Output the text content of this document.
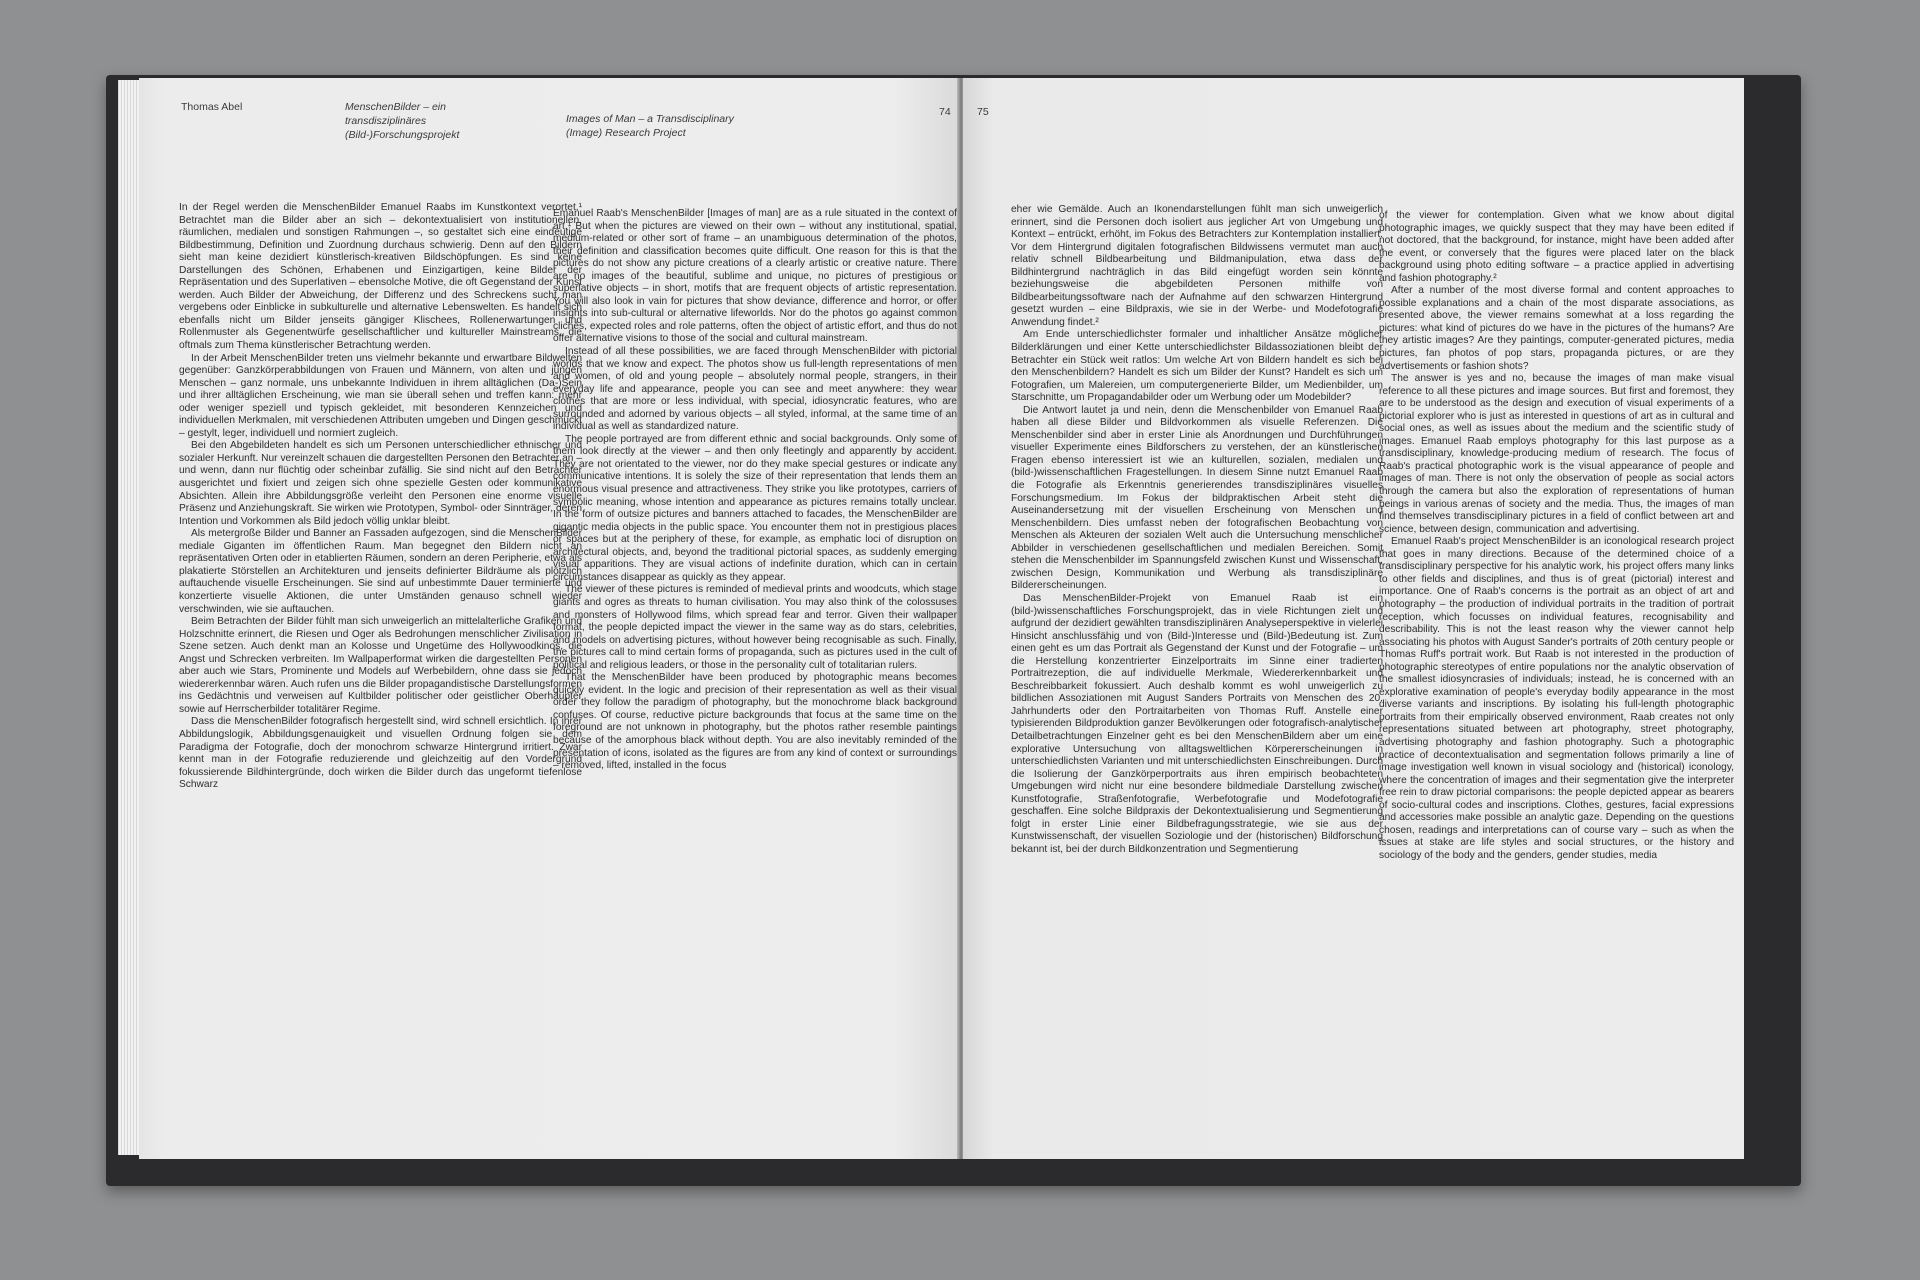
Thomas Abel	MenschenBilder – ein transdisziplinäres (Bild-)Forschungsprojekt
Images of Man – a Transdisciplinary (Image) Research Project
74

In der Regel werden die MenschenBilder Emanuel Raabs im Kunstkontext verortet.¹ Betrachtet man die Bilder aber an sich – dekontextualisiert von institutionellen, räumlichen, medialen und sonstigen Rahmungen –, so gestaltet sich eine eindeutige Bildbestimmung, Definition und Zuordnung durchaus schwierig. Denn auf den Bildern sieht man keine dezidiert künstlerisch-kreativen Bildschöpfungen. Es sind keine Darstellungen des Schönen, Erhabenen und Einzigartigen, keine Bilder der Repräsentation und des Superlativen – ebensolche Motive, die oft Gegenstand der Kunst werden. Auch Bilder der Abweichung, der Differenz und des Schreckens sucht man vergebens oder Einblicke in subkulturelle und alternative Lebenswelten. Es handelt sich ebenfalls nicht um Bilder jenseits gängiger Klischees, Rollenerwartungen und Rollenmuster als Gegenentwürfe gesellschaftlicher und kultureller Mainstreams, die oftmals zum Thema künstlerischer Betrachtung werden.

In der Arbeit MenschenBilder treten uns vielmehr bekannte und erwartbare Bildwelten gegenüber: Ganzkörperabbildungen von Frauen und Männern, von alten und jungen Menschen – ganz normale, uns unbekannte Individuen in ihrem alltäglichen (Da-)Sein und ihrer alltäglichen Erscheinung, wie man sie überall sehen und treffen kann: mehr oder weniger speziell und typisch gekleidet, mit besonderen Kennzeichen und individuellen Merkmalen, mit verschiedenen Attributen umgeben und Dingen geschmückt – gestylt, leger, individuell und normiert zugleich.

Bei den Abgebildeten handelt es sich um Personen unterschiedlicher ethnischer und sozialer Herkunft. Nur vereinzelt schauen die dargestellten Personen den Betrachter an – und wenn, dann nur flüchtig oder scheinbar zufällig. Sie sind nicht auf den Betrachter ausgerichtet und fixiert und zeigen sich ohne spezielle Gesten oder kommunikative Absichten. Allein ihre Abbildungsgröße verleiht den Personen eine enorme visuelle Präsenz und Anziehungskraft. Sie wirken wie Prototypen, Symbol- oder Sinnträger, deren Intention und Vorkommen als Bild jedoch völlig unklar bleibt.

Als metergroße Bilder und Banner an Fassaden aufgezogen, sind die MenschenBilder mediale Giganten im öffentlichen Raum. Man begegnet den Bildern nicht an repräsentativen Orten oder in etablierten Räumen, sondern an deren Peripherie, etwa als plakatierte Störstellen an Architekturen und jenseits definierter Bildräume als plötzlich auftauchende visuelle Erscheinungen. Sie sind auf unbestimmte Dauer terminierte und konzertierte visuelle Aktionen, die unter Umständen genauso schnell wieder verschwinden, wie sie auftauchen.

Beim Betrachten der Bilder fühlt man sich unweigerlich an mittelalterliche Grafiken und Holzschnitte erinnert, die Riesen und Oger als Bedrohungen menschlicher Zivilisation in Szene setzen. Auch denkt man an Kolosse und Ungetüme des Hollywoodkinos, die Angst und Schrecken verbreiten. Im Wallpaperformat wirken die dargestellten Personen aber auch wie Stars, Prominente und Models auf Werbebildern, ohne dass sie jedoch wiedererkennbar wären. Auch rufen uns die Bilder propagandistische Darstellungsformen ins Gedächtnis und verweisen auf Kultbilder politischer oder geistlicher Oberhäupter sowie auf Herrscherbilder totalitärer Regime.

Dass die MenschenBilder fotografisch hergestellt sind, wird schnell ersichtlich. In ihrer Abbildungslogik, Abbildungsgenauigkeit und visuellen Ordnung folgen sie dem Paradigma der Fotografie, doch der monochrom schwarze Hintergrund irritiert. Zwar kennt man in der Fotografie reduzierende und gleichzeitig auf den Vordergrund fokussierende Bildhintergründe, doch wirken die Bilder durch das ungeformt tiefenlose Schwarz

Emanuel Raab's MenschenBilder [Images of man] are as a rule situated in the context of art.¹ But when the pictures are viewed on their own – without any institutional, spatial, medium-related or other sort of frame – an unambiguous determination of the photos, their definition and classification becomes quite difficult. One reason for this is that the pictures do not show any picture creations of a clearly artistic or creative nature. There are no images of the beautiful, sublime and unique, no pictures of prestigious or superlative objects – in short, motifs that are frequent objects of artistic representation. You will also look in vain for pictures that show deviance, difference and horror, or offer insights into sub-cultural or alternative lifeworlds. Nor do the photos go against common clichés, expected roles and role patterns, often the object of artistic effort, and thus do not offer alternative visions to those of the social and cultural mainstream.

Instead of all these possibilities, we are faced through MenschenBilder with pictorial worlds that we know and expect. The photos show us full-length representations of men and women, of old and young people – absolutely normal people, strangers, in their everyday life and appearance, people you can see and meet anywhere: they wear clothes that are more or less individual, with special, idiosyncratic features, who are surrounded and adorned by various objects – all styled, informal, at the same time of an individual as well as standardized nature.

The people portrayed are from different ethnic and social backgrounds. Only some of them look directly at the viewer – and then only fleetingly and apparently by accident. They are not orientated to the viewer, nor do they make special gestures or indicate any communicative intentions. It is solely the size of their representation that lends them an enormous visual presence and attractiveness. They strike you like prototypes, carriers of symbolic meaning, whose intention and appearance as pictures remains totally unclear. In the form of outsize pictures and banners attached to facades, the MenschenBilder are gigantic media objects in the public space. You encounter them not in prestigious places or spaces but at the periphery of these, for example, as emphatic loci of disruption on architectural objects, and, beyond the traditional pictorial spaces, as suddenly emerging visual apparitions. They are visual actions of indefinite duration, which can in certain circumstances disappear as quickly as they appear.

The viewer of these pictures is reminded of medieval prints and woodcuts, which stage giants and ogres as threats to human civilisation. You may also think of the colossuses and monsters of Hollywood films, which spread fear and terror. Given their wallpaper format, the people depicted impact the viewer in the same way as do stars, celebrities, and models on advertising pictures, without however being recognisable as such. Finally, the pictures call to mind certain forms of propaganda, such as pictures used in the cult of political and religious leaders, or those in the personality cult of totalitarian rulers.

That the MenschenBilder have been produced by photographic means becomes quickly evident. In the logic and precision of their representation as well as their visual order they follow the paradigm of photography, but the monochrome black background confuses. Of course, reductive picture backgrounds that focus at the same time on the foreground are not unknown in photography, but the photos rather resemble paintings because of the amorphous black without depth. You are also inevitably reminded of the presentation of icons, isolated as the figures are from any kind of context or surroundings – removed, lifted, installed in the focus

75

eher wie Gemälde. Auch an Ikonendarstellungen fühlt man sich unweigerlich erinnert, sind die Personen doch isoliert aus jeglicher Art von Umgebung und Kontext – entrückt, erhöht, im Fokus des Betrachters zur Kontemplation installiert. Vor dem Hintergrund digitalen fotografischen Bildwissens vermutet man auch relativ schnell Bildbearbeitung und Bildmanipulation, etwa dass der Bildhintergrund nachträglich in das Bild eingefügt worden sein könnte beziehungsweise die abgebildeten Personen mithilfe von Bildbearbeitungssoftware nach der Aufnahme auf den schwarzen Hintergrund gesetzt wurden – eine Bildpraxis, wie sie in der Werbe- und Modefotografie Anwendung findet.²

Am Ende unterschiedlichster formaler und inhaltlicher Ansätze möglicher Bilderklärungen und einer Kette unterschiedlichster Bildassoziationen bleibt der Betrachter ein Stück weit ratlos: Um welche Art von Bildern handelt es sich bei den Menschenbildern? Handelt es sich um Bilder der Kunst? Handelt es sich um Fotografien, um Malereien, um computergenerierte Bilder, um Medienbilder, um Starschnitte, um Propagandabilder oder um Werbung oder um Modebilder?

Die Antwort lautet ja und nein, denn die Menschenbilder von Emanuel Raab haben all diese Bilder und Bildvorkommen als visuelle Referenzen. Die Menschenbilder sind aber in erster Linie als Anordnungen und Durchführungen visueller Experimente eines Bildforschers zu verstehen, der an künstlerischen Fragen ebenso interessiert ist wie an kulturellen, sozialen, medialen und (bild-)wissenschaftlichen Fragestellungen. In diesem Sinne nutzt Emanuel Raab die Fotografie als Erkenntnis generierendes transdisziplinäres visuelles Forschungsmedium. Im Fokus der bildpraktischen Arbeit steht die Auseinandersetzung mit der visuellen Erscheinung von Menschen und Menschenbildern. Dies umfasst neben der fotografischen Beobachtung von Menschen als Akteuren der sozialen Welt auch die Untersuchung menschlicher Abbilder in verschiedenen gesellschaftlichen und medialen Bereichen. Somit stehen die Menschenbilder im Spannungsfeld zwischen Kunst und Wissenschaft, zwischen Design, Kommunikation und Werbung als transdisziplinäre Bildererscheinungen.

Das MenschenBilder-Projekt von Emanuel Raab ist ein (bild-)wissenschaftliches Forschungsprojekt, das in viele Richtungen zielt und aufgrund der dezidiert gewählten transdisziplinären Analyseperspektive in vielerlei Hinsicht anschlussfähig und von (Bild-)Interesse und (Bild-)Bedeutung ist. Zum einen geht es um das Portrait als Gegenstand der Kunst und der Fotografie – um die Herstellung konzentrierter Einzelportraits im Sinne einer tradierten Portraitrezeption, die auf individuelle Merkmale, Wiedererkennbarkeit und Beschreibbarkeit fokussiert. Auch deshalb kommt es wohl unweigerlich zu bildlichen Assoziationen mit August Sanders Portraits von Menschen des 20. Jahrhunderts oder den Portraitarbeiten von Thomas Ruff. Anstelle einer typisierenden Bildproduktion ganzer Bevölkerungen oder fotografisch-analytischer Detailbetrachtungen Einzelner geht es bei den MenschenBildern aber um eine explorative Untersuchung von alltagsweltlichen Körpererscheinungen in unterschiedlichsten Varianten und mit unterschiedlichsten Einschreibungen. Durch die Isolierung der Ganzkörperportraits aus ihren empirisch beobachteten Umgebungen wird nicht nur eine besondere bildmediale Darstellung zwischen Kunstfotografie, Straßenfotografie, Werbefotografie und Modefotografie geschaffen. Eine solche Bildpraxis der Dekontextualisierung und Segmentierung folgt in erster Linie einer Bildbefragungsstrategie, wie sie aus der Kunstwissenschaft, der visuellen Soziologie und der (historischen) Bildforschung bekannt ist, bei der durch Bildkonzentration und Segmentierung

of the viewer for contemplation. Given what we know about digital photographic images, we quickly suspect that they may have been edited if not doctored, that the background, for instance, might have been added after the event, or conversely that the figures were placed later on the black background using photo editing software – a practice applied in advertising and fashion photography.²

After a number of the most diverse formal and content approaches to possible explanations and a chain of the most disparate associations, as presented above, the viewer remains somewhat at a loss regarding the pictures: what kind of pictures do we have in the pictures of the humans? Are they artistic images? Are they paintings, computer-generated pictures, media pictures, fan photos of pop stars, propaganda pictures, or are they advertisements or fashion shots?

The answer is yes and no, because the images of man make visual reference to all these pictures and image sources. But first and foremost, they are to be understood as the design and execution of visual experiments of a pictorial explorer who is just as interested in questions of art as in cultural and social ones, as well as issues about the medium and the scientific study of images. Emanuel Raab employs photography for this last purpose as a transdisciplinary, knowledge-producing medium of research. The focus of Raab's practical photographic work is the visual appearance of people and images of man. There is not only the observation of people as social actors through the camera but also the exploration of representations of human beings in various arenas of society and the media. Thus, the images of man find themselves transdisciplinary pictures in a field of conflict between art and science, between design, communication and advertising.

Emanuel Raab's project MenschenBilder is an iconological research project that goes in many directions. Because of the determined choice of a transdisciplinary perspective for his analytic work, his project offers many links to other fields and disciplines, and thus is of great (pictorial) interest and importance. One of Raab's concerns is the portrait as an object of art and photography – the production of individual portraits in the tradition of portrait reception, which focusses on individual features, recognisability and describability. This is not the least reason why the viewer cannot help associating his photos with August Sander's portraits of 20th century people or Thomas Ruff's portrait work. But Raab is not interested in the production of photographic stereotypes of entire populations nor the analytic observation of the smallest idiosyncrasies of individuals; instead, he is concerned with an explorative examination of people's everyday bodily appearance in the most diverse variants and inscriptions. By isolating his full-length photographic portraits from their empirically observed environment, Raab creates not only representations situated between art photography, street photography, advertising photography and fashion photography. Such a photographic practice of decontextualisation and segmentation follows primarily a line of image investigation well known in visual sociology and (historical) iconology, where the concentration of images and their segmentation give the interpreter free rein to draw pictorial comparisons: the people depicted appear as bearers of socio-cultural codes and inscriptions. Clothes, gestures, facial expressions and accessories make possible an analytic gaze. Depending on the questions chosen, readings and interpretations can of course vary – such as when the issues at stake are life styles and social structures, or the history and sociology of the body and the genders, gender studies, media
